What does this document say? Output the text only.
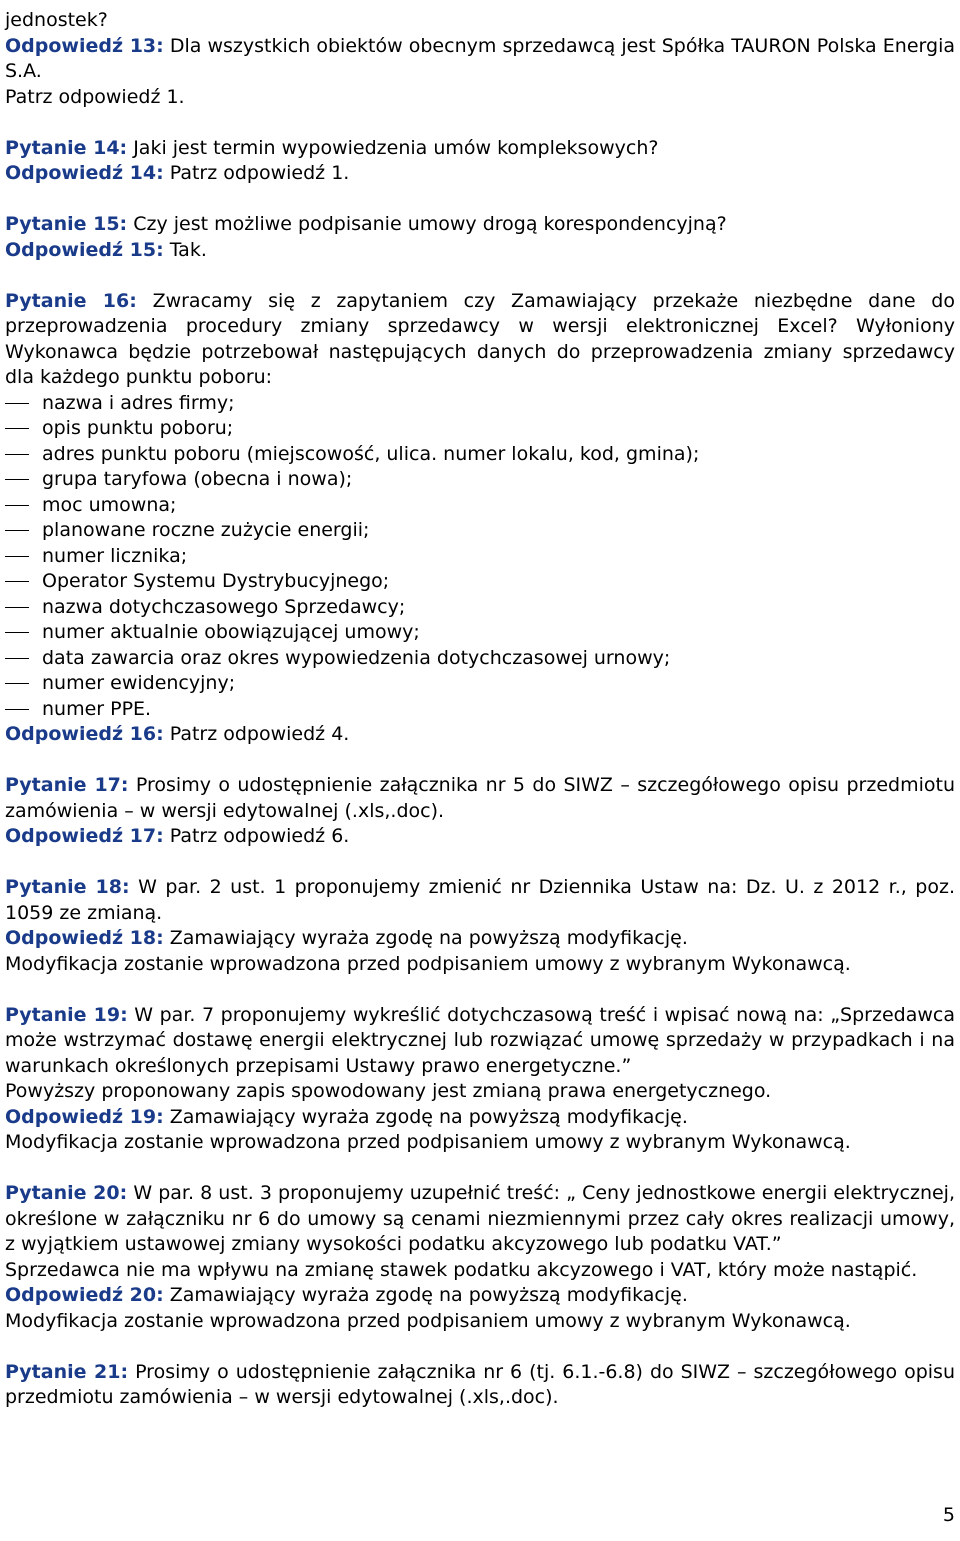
jednostek?

Odpowiedź 13: Dla wszystkich obiektów obecnym sprzedawcą jest Spółka TAURON Polska Energia S.A.

Patrz odpowiedź 1.

Pytanie 14: Jaki jest termin wypowiedzenia umów kompleksowych?

Odpowiedź 14: Patrz odpowiedź 1.

Pytanie 15: Czy jest możliwe podpisanie umowy drogą korespondencyjną?

Odpowiedź 15: Tak.

Pytanie 16: Zwracamy się z zapytaniem czy Zamawiający przekaże niezbędne dane do przeprowadzenia procedury zmiany sprzedawcy w wersji elektronicznej Excel? Wyłoniony Wykonawca będzie potrzebował następujących danych do przeprowadzenia zmiany sprzedawcy dla każdego punktu poboru:

nazwa i adres firmy;
opis punktu poboru;
adres punktu poboru (miejscowość, ulica. numer lokalu, kod, gmina);
grupa taryfowa (obecna i nowa);
moc umowna;
planowane roczne zużycie energii;
numer licznika;
Operator Systemu Dystrybucyjnego;
nazwa dotychczasowego Sprzedawcy;
numer aktualnie obowiązującej umowy;
data zawarcia oraz okres wypowiedzenia dotychczasowej urnowy;
numer ewidencyjny;
numer PPE.

Odpowiedź 16: Patrz odpowiedź 4.

Pytanie 17: Prosimy o udostępnienie załącznika nr 5 do SIWZ – szczegółowego opisu przedmiotu zamówienia – w wersji edytowalnej (.xls,.doc).

Odpowiedź 17: Patrz odpowiedź 6.

Pytanie 18: W par. 2 ust. 1 proponujemy zmienić nr Dziennika Ustaw na: Dz. U. z 2012 r., poz. 1059 ze zmianą.

Odpowiedź 18: Zamawiający wyraża zgodę na powyższą modyfikację.

Modyfikacja zostanie wprowadzona przed podpisaniem umowy z wybranym Wykonawcą.

Pytanie 19: W par. 7 proponujemy wykreślić dotychczasową treść i wpisać nową na: „Sprzedawca może wstrzymać dostawę energii elektrycznej lub rozwiązać umowę sprzedaży w przypadkach i na warunkach określonych przepisami Ustawy prawo energetyczne.”

Powyższy proponowany zapis spowodowany jest zmianą prawa energetycznego.

Odpowiedź 19: Zamawiający wyraża zgodę na powyższą modyfikację.

Modyfikacja zostanie wprowadzona przed podpisaniem umowy z wybranym Wykonawcą.

Pytanie 20: W par. 8 ust. 3 proponujemy uzupełnić treść: „ Ceny jednostkowe energii elektrycznej, określone w załączniku nr 6 do umowy są cenami niezmiennymi przez cały okres realizacji umowy, z wyjątkiem ustawowej zmiany wysokości podatku akcyzowego lub podatku VAT.”

Sprzedawca nie ma wpływu na zmianę stawek podatku akcyzowego i VAT, który może nastąpić.

Odpowiedź 20: Zamawiający wyraża zgodę na powyższą modyfikację.

Modyfikacja zostanie wprowadzona przed podpisaniem umowy z wybranym Wykonawcą.

Pytanie 21: Prosimy o udostępnienie załącznika nr 6 (tj. 6.1.-6.8) do SIWZ – szczegółowego opisu przedmiotu zamówienia – w wersji edytowalnej (.xls,.doc).

5
